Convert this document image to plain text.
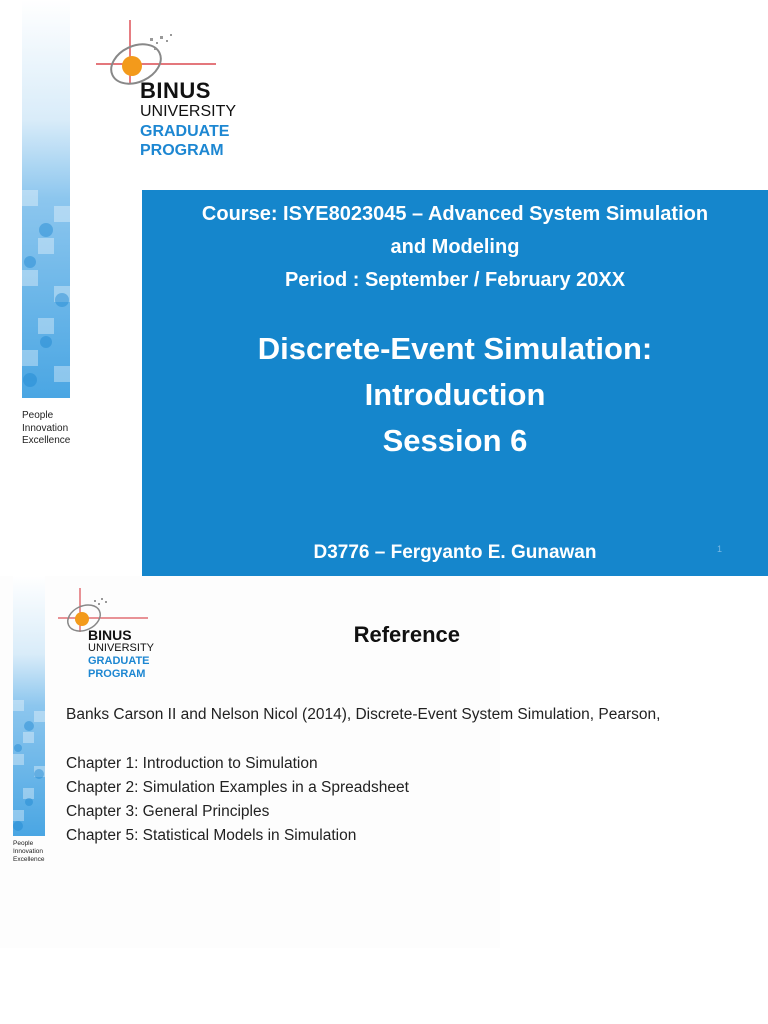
BINUS
UNIVERSITY
GRADUATE
PROGRAM
People
Innovation
Excellence
Course: ISYE8023045 – Advanced System Simulation
and Modeling
Period : September / February 20XX
Discrete-Event Simulation:
Introduction
Session 6
D3776 – Fergyanto E. Gunawan	1
BINUS
UNIVERSITY
GRADUATE
PROGRAM
People
Innovation
Excellence
Reference
Banks Carson II and Nelson Nicol (2014), Discrete-Event System Simulation, Pearson,
Chapter 1: Introduction to Simulation
Chapter 2: Simulation Examples in a Spreadsheet
Chapter 3: General Principles
Chapter 5: Statistical Models in Simulation
